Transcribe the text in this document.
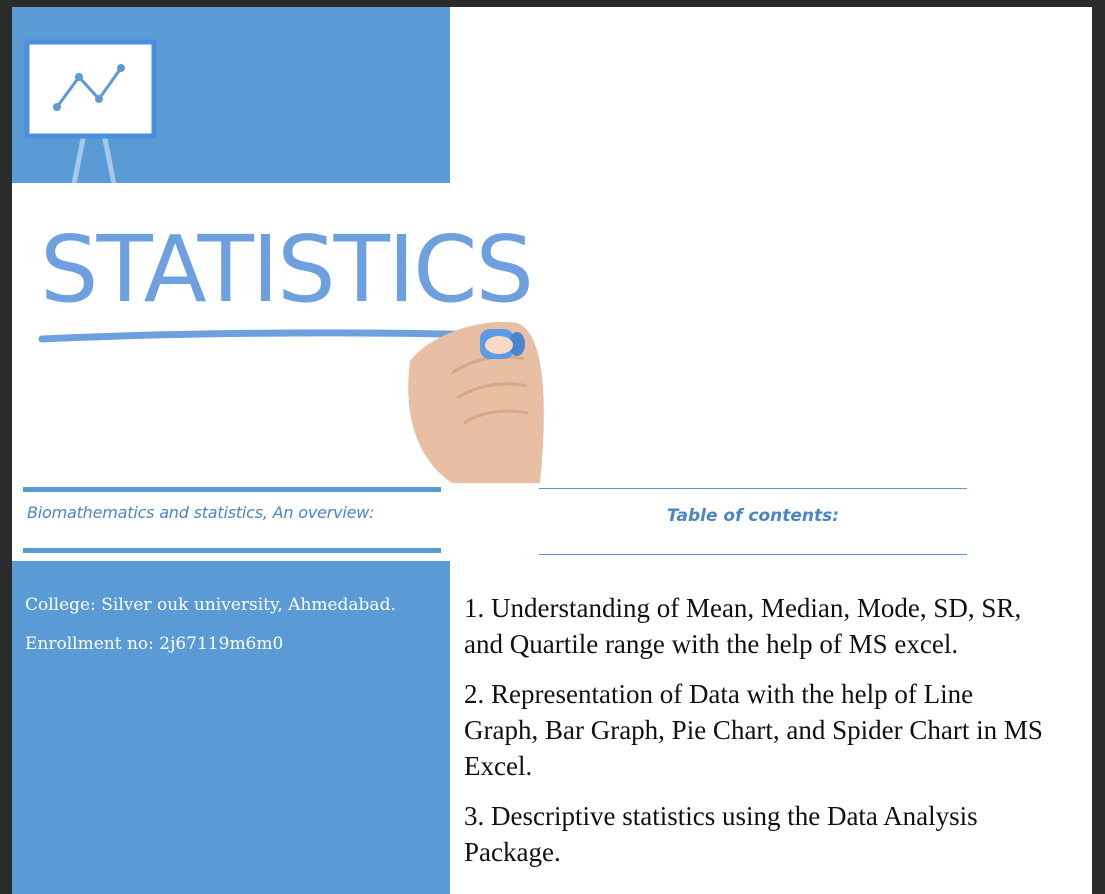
STATISTICS
Biomathematics and statistics, An overview:	Table of contents:
College: Silver ouk university, Ahmedabad.
Enrollment no: 2j67119m6m0
1. Understanding of Mean, Median, Mode, SD, SR, and Quartile range with the help of MS excel.
2. Representation of Data with the help of Line Graph, Bar Graph, Pie Chart, and Spider Chart in MS Excel.
3. Descriptive statistics using the Data Analysis Package.
